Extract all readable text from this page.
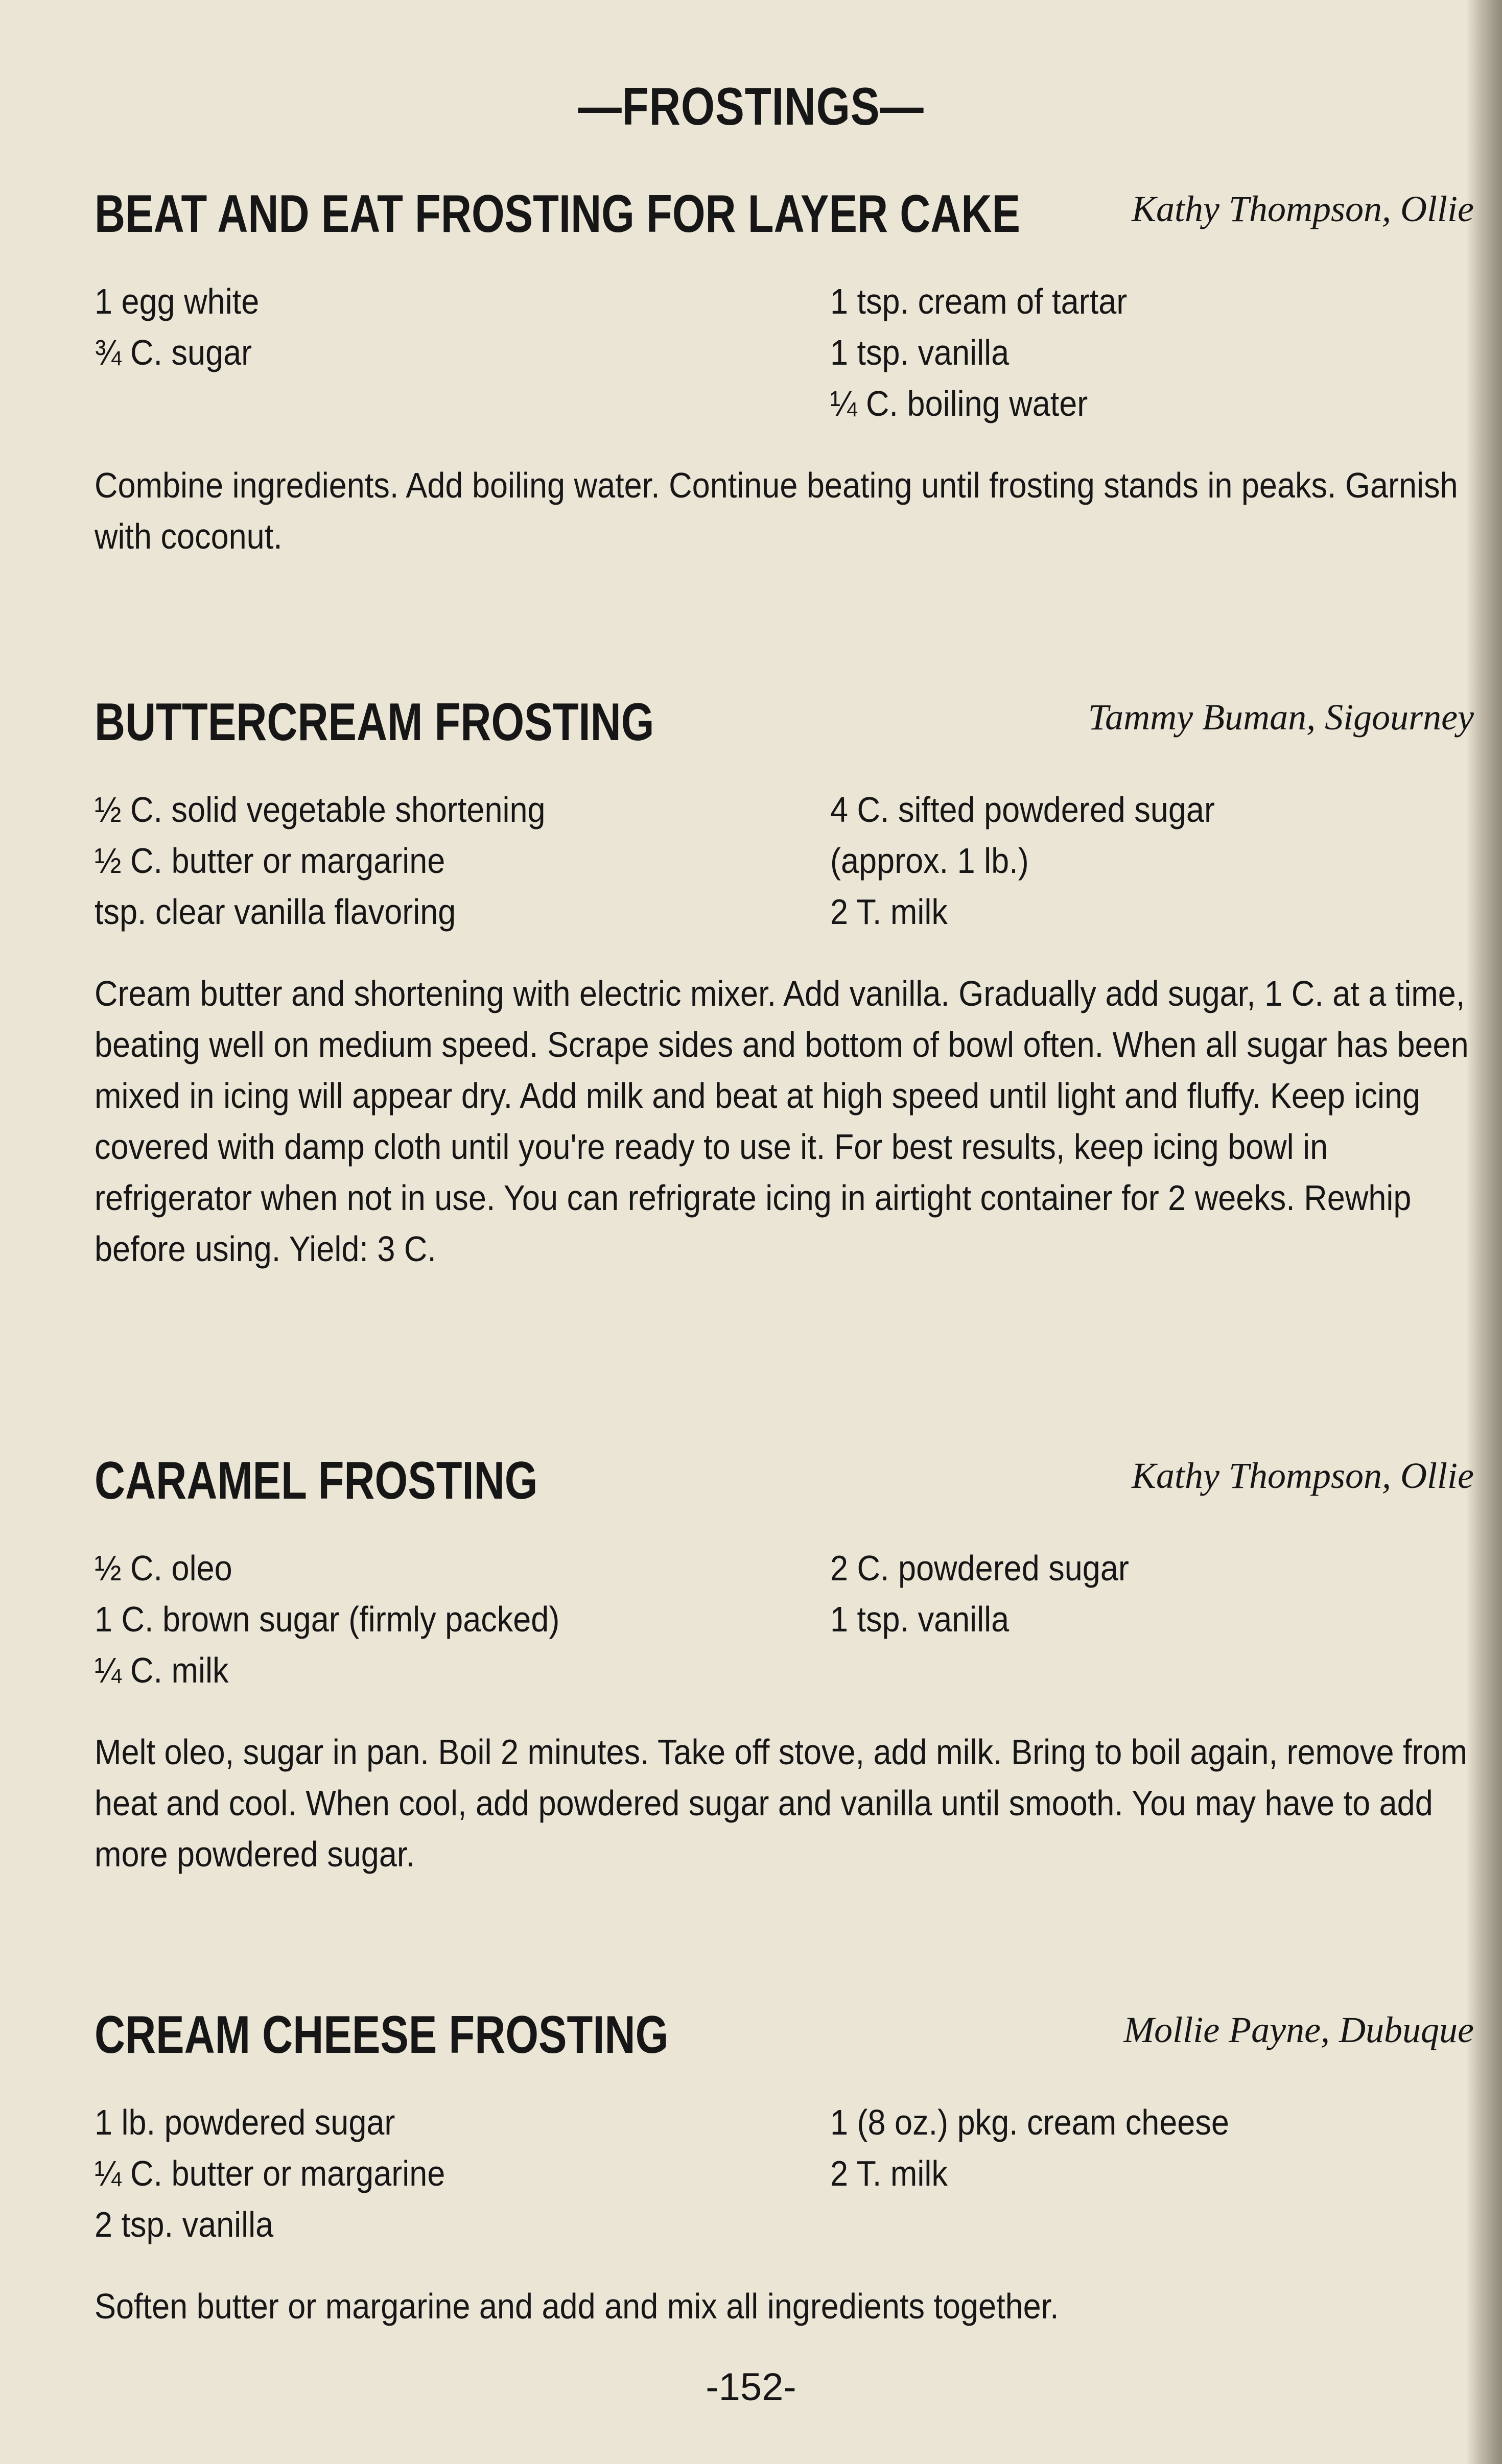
—FROSTINGS—
BEAT AND EAT FROSTING FOR LAYER CAKE	Kathy Thompson, Ollie
1 egg white
¾ C. sugar
1 tsp. cream of tartar
1 tsp. vanilla
¼ C. boiling water
Combine ingredients. Add boiling water. Continue beating until frosting stands in peaks. Garnish with coconut.
BUTTERCREAM FROSTING	Tammy Buman, Sigourney
½ C. solid vegetable shortening
½ C. butter or margarine
tsp. clear vanilla flavoring
4 C. sifted powdered sugar
(approx. 1 lb.)
2 T. milk
Cream butter and shortening with electric mixer. Add vanilla. Gradually add sugar, 1 C. at a time, beating well on medium speed. Scrape sides and bottom of bowl often. When all sugar has been mixed in icing will appear dry. Add milk and beat at high speed until light and fluffy. Keep icing covered with damp cloth until you're ready to use it. For best results, keep icing bowl in refrigerator when not in use. You can refrigrate icing in airtight container for 2 weeks. Rewhip before using. Yield: 3 C.
CARAMEL FROSTING	Kathy Thompson, Ollie
½ C. oleo
1 C. brown sugar (firmly packed)
¼ C. milk
2 C. powdered sugar
1 tsp. vanilla
Melt oleo, sugar in pan. Boil 2 minutes. Take off stove, add milk. Bring to boil again, remove from heat and cool. When cool, add powdered sugar and vanilla until smooth. You may have to add more powdered sugar.
CREAM CHEESE FROSTING	Mollie Payne, Dubuque
1 lb. powdered sugar
¼ C. butter or margarine
2 tsp. vanilla
1 (8 oz.) pkg. cream cheese
2 T. milk
Soften butter or margarine and add and mix all ingredients together.
-152-
